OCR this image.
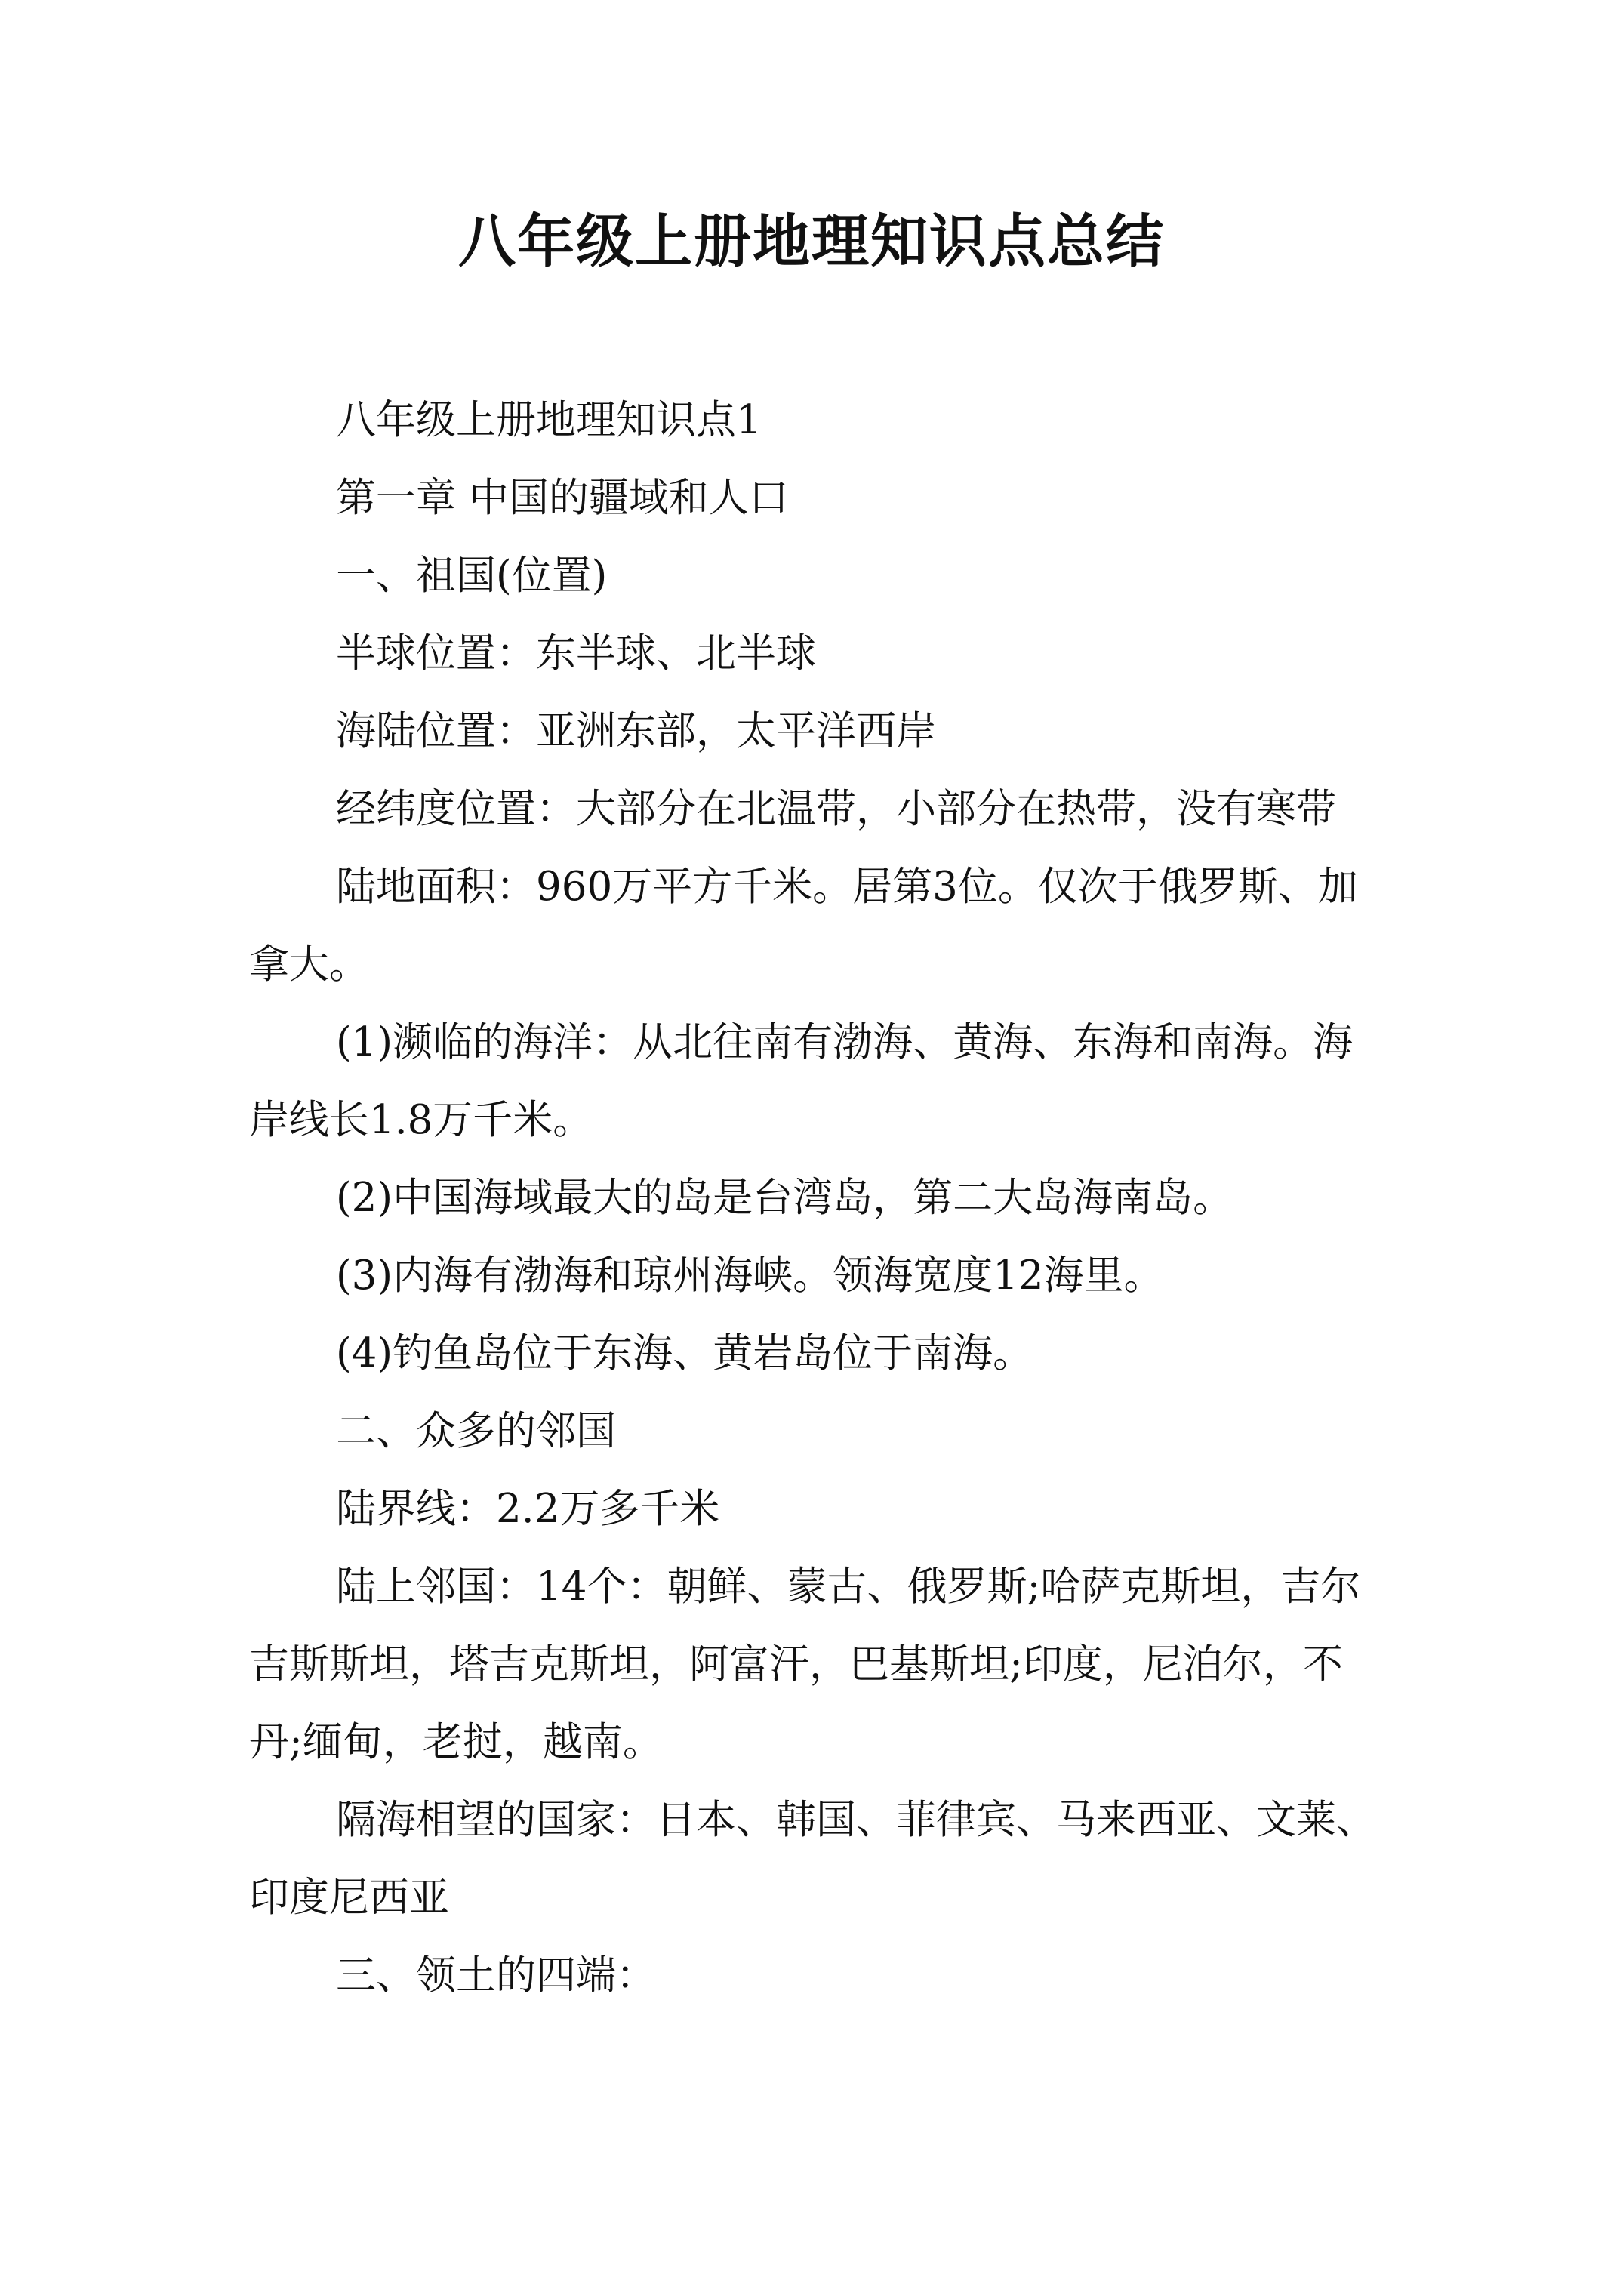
八年级上册地理知识点总结

八年级上册地理知识点1

第一章 中国的疆域和人口

一、祖国(位置)

半球位置：东半球、北半球

海陆位置：亚洲东部，太平洋西岸

经纬度位置：大部分在北温带，小部分在热带，没有寒带

陆地面积：960万平方千米。居第3位。仅次于俄罗斯、加拿大。

(1)濒临的海洋：从北往南有渤海、黄海、东海和南海。海岸线长1.8万千米。

(2)中国海域最大的岛是台湾岛，第二大岛海南岛。

(3)内海有渤海和琼州海峡。领海宽度12海里。

(4)钓鱼岛位于东海、黄岩岛位于南海。

二、众多的邻国

陆界线：2.2万多千米

陆上邻国：14个：朝鲜、蒙古、俄罗斯;哈萨克斯坦，吉尔吉斯斯坦，塔吉克斯坦，阿富汗，巴基斯坦;印度，尼泊尔，不丹;缅甸，老挝，越南。

隔海相望的国家：日本、韩国、菲律宾、马来西亚、文莱、印度尼西亚

三、领土的四端：
